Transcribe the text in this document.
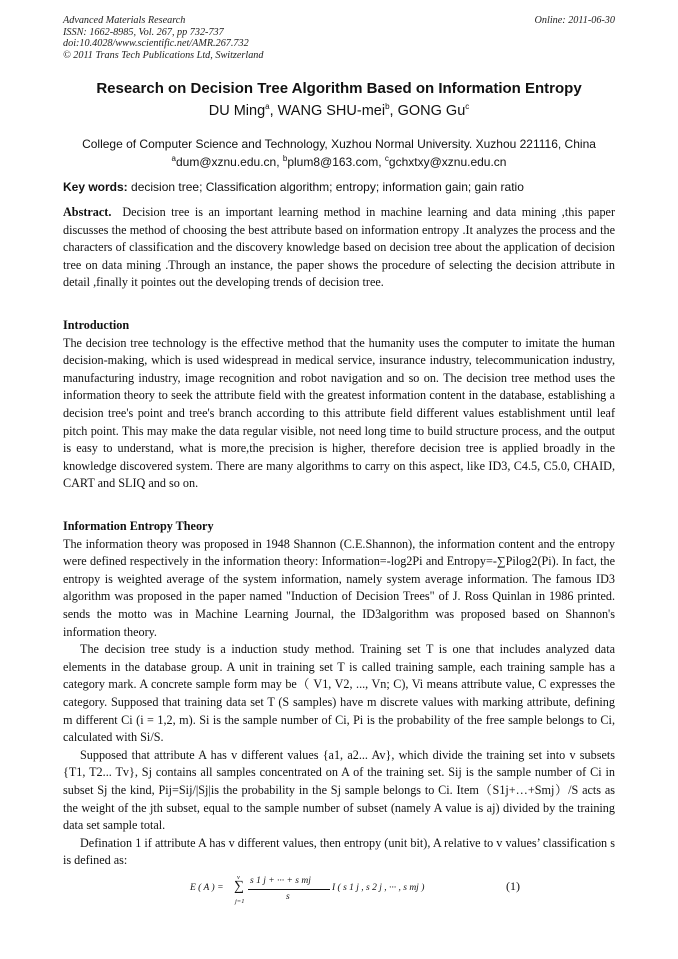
Advanced Materials Research
ISSN: 1662-8985, Vol. 267, pp 732-737
doi:10.4028/www.scientific.net/AMR.267.732
© 2011 Trans Tech Publications Ltd, Switzerland
Online: 2011-06-30
Research on Decision Tree Algorithm Based on Information Entropy
DU Ming$^a$, WANG SHU-mei$^b$, GONG Gu$^c$
College of Computer Science and Technology, Xuzhou Normal University. Xuzhou 221116, China
$^a$dum@xznu.edu.cn, $^b$plum8@163.com, $^c$gchxtxy@xznu.edu.cn
Key words: decision tree; Classification algorithm; entropy; information gain; gain ratio

Abstract. Decision tree is an important learning method in machine learning and data mining ,this paper discusses the method of choosing the best attribute based on information entropy .It analyzes the process and the characters of classification and the discovery knowledge based on decision tree about the application of decision tree on data mining .Through an instance, the paper shows the procedure of selecting the decision attribute in detail ,finally it pointes out the developing trends of decision tree.

Introduction

The decision tree technology is the effective method that the humanity uses the computer to imitate the human decision-making, which is used widespread in medical service, insurance industry, telecommunication industry, manufacturing industry, image recognition and robot navigation and so on. The decision tree method uses the information theory to seek the attribute field with the greatest information content in the database, establishing a decision tree's point and tree's branch according to this attribute field different values establishment until leaf pitch point. This may make the data regular visible, not need long time to build structure process, and the output is easy to understand, what is more,the precision is higher, therefore decision tree is applied broadly in the knowledge discovered system. There are many algorithms to carry on this aspect, like ID3, C4.5, C5.0, CHAID, CART and SLIQ and so on.

Information Entropy Theory

The information theory was proposed in 1948 Shannon (C.E.Shannon), the information content and the entropy were defined respectively in the information theory: Information=-log2Pi and Entropy=-∑Pilog2(Pi). In fact, the entropy is weighted average of the system information, namely system average information. The famous ID3 algorithm was proposed in the paper named "Induction of Decision Trees" of J. Ross Quinlan in 1986 printed. sends the motto was in Machine Learning Journal, the ID3algorithm was proposed based on Shannon's information theory.

The decision tree study is a induction study method. Training set T is one that includes analyzed data elements in the database group. A unit in training set T is called training sample, each training sample has a category mark. A concrete sample form may be（ V1, V2, ..., Vn; C), Vi means attribute value, C expresses the category. Supposed that training data set T (S samples) have m discrete values with marking attribute, defining m different Ci (i = 1,2, m). Si is the sample number of Ci, Pi is the probability of the free sample belongs to Ci, calculated with Si/S.

Supposed that attribute A has v different values {a1, a2... Av}, which divide the training set into v subsets {T1, T2... Tv}, Sj contains all samples concentrated on A of the training set. Sij is the sample number of Ci in subset Sj the kind, Pij=Sij/|Sj|is the probability in the Sj sample belongs to Ci. Item（S1j+…+Smj）/S acts as the weight of the jth subset, equal to the sample number of subset (namely A value is aj) divided by the training data set sample total.

Defination 1 if attribute A has v different values, then entropy (unit bit), A relative to v values’ classification s is defined as:

E ( A ) =
v
∑
j=1
s 1 j + ··· + s mj
s
I ( s 1 j , s 2 j , ··· , s mj )	(1)
